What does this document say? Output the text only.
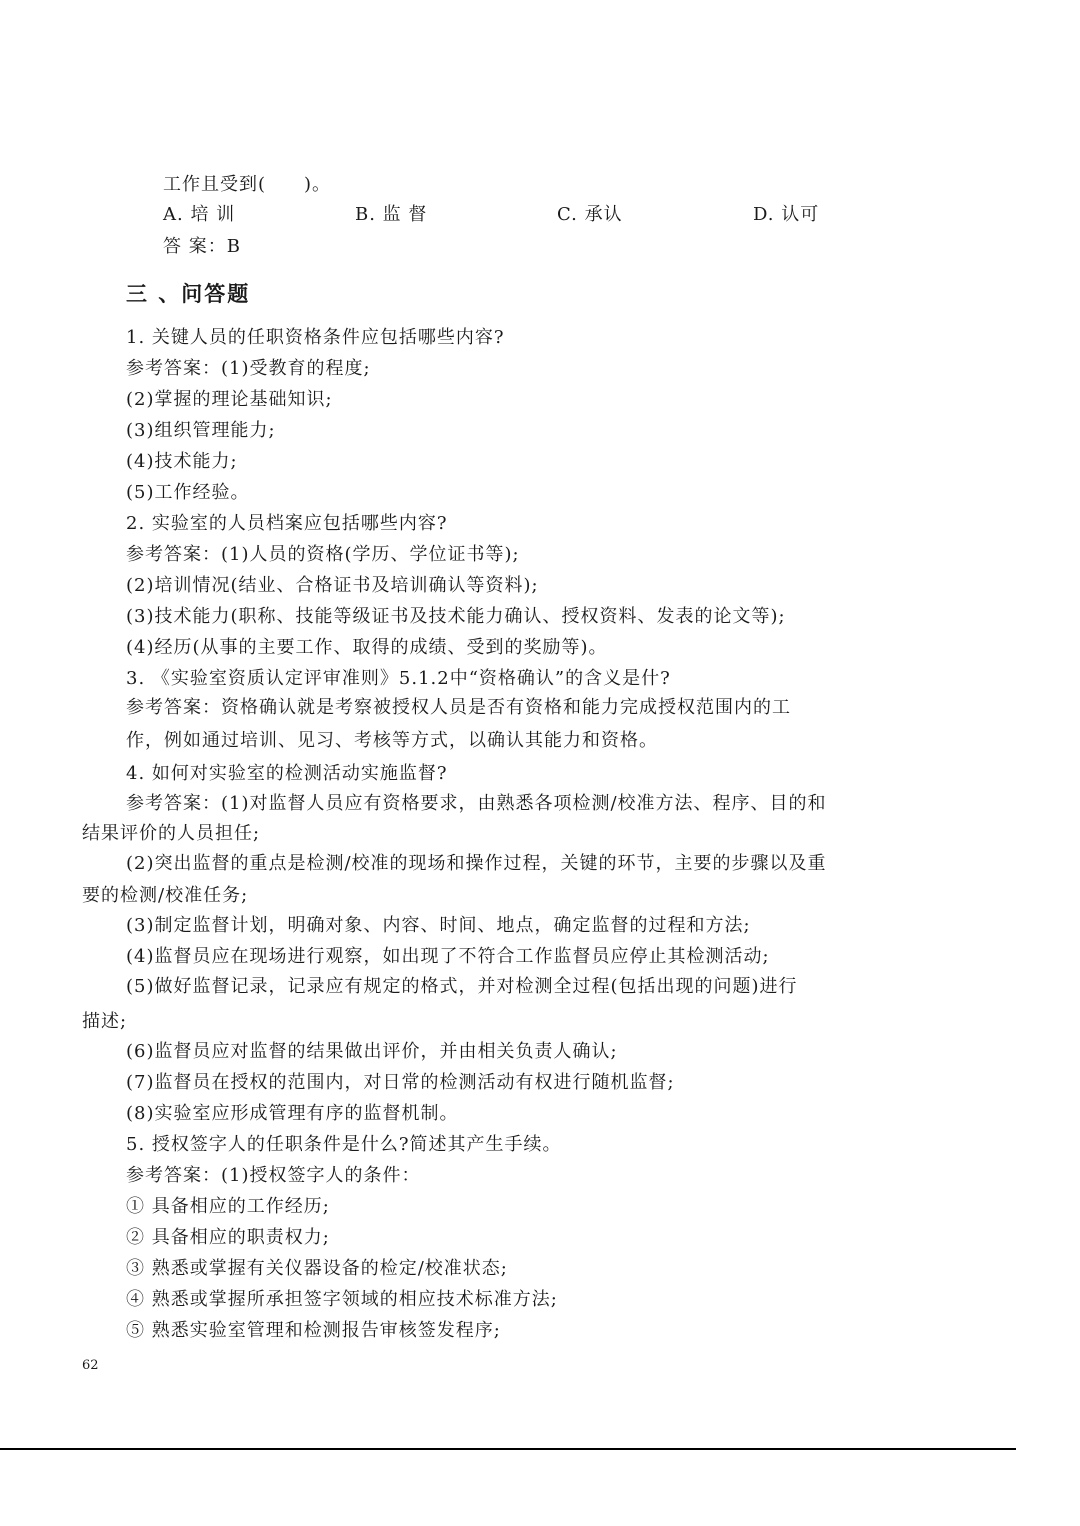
工作且受到(　　)。
A. 培 训	B. 监 督	C. 承认	D. 认可
答 案：B
三 、问答题
1. 关键人员的任职资格条件应包括哪些内容?
参考答案：(1)受教育的程度;
(2)掌握的理论基础知识;
(3)组织管理能力;
(4)技术能力;
(5)工作经验。
2. 实验室的人员档案应包括哪些内容?
参考答案：(1)人员的资格(学历、学位证书等);
(2)培训情况(结业、合格证书及培训确认等资料);
(3)技术能力(职称、技能等级证书及技术能力确认、授权资料、发表的论文等);
(4)经历(从事的主要工作、取得的成绩、受到的奖励等)。
3. 《实验室资质认定评审准则》5.1.2中“资格确认”的含义是什?
参考答案：资格确认就是考察被授权人员是否有资格和能力完成授权范围内的工
作，例如通过培训、见习、考核等方式，以确认其能力和资格。
4. 如何对实验室的检测活动实施监督?
参考答案：(1)对监督人员应有资格要求，由熟悉各项检测/校准方法、程序、目的和
结果评价的人员担任;
(2)突出监督的重点是检测/校准的现场和操作过程，关键的环节，主要的步骤以及重
要的检测/校准任务;
(3)制定监督计划，明确对象、内容、时间、地点，确定监督的过程和方法;
(4)监督员应在现场进行观察，如出现了不符合工作监督员应停止其检测活动;
(5)做好监督记录，记录应有规定的格式，并对检测全过程(包括出现的问题)进行
描述;
(6)监督员应对监督的结果做出评价，并由相关负责人确认;
(7)监督员在授权的范围内，对日常的检测活动有权进行随机监督;
(8)实验室应形成管理有序的监督机制。
5. 授权签字人的任职条件是什么?简述其产生手续。
参考答案：(1)授权签字人的条件：
① 具备相应的工作经历;
② 具备相应的职责权力;
③ 熟悉或掌握有关仪器设备的检定/校准状态;
④ 熟悉或掌握所承担签字领域的相应技术标准方法;
⑤ 熟悉实验室管理和检测报告审核签发程序;
62
